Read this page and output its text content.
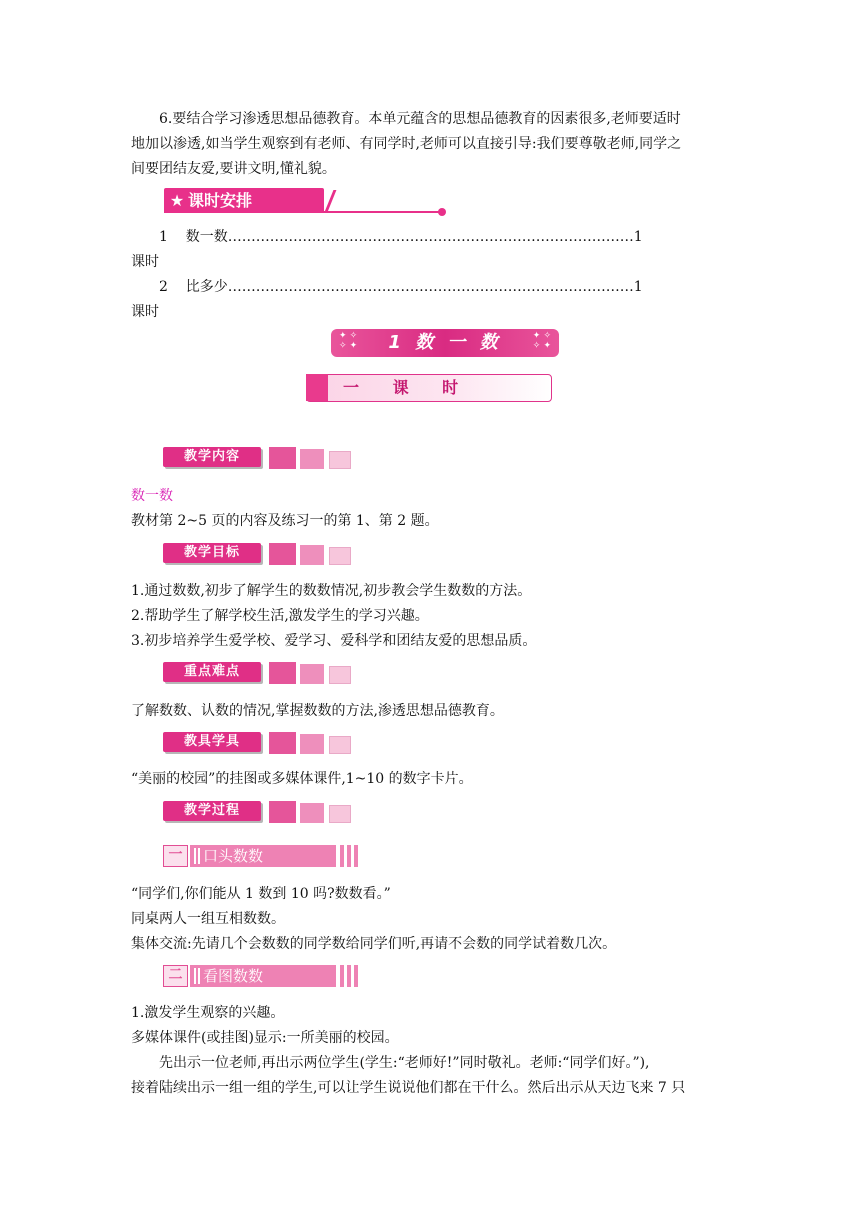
6.要结合学习渗透思想品德教育。本单元蕴含的思想品德教育的因素很多,老师要适时
地加以渗透,如当学生观察到有老师、有同学时,老师可以直接引导:我们要尊敬老师,同学之
间要团结友爱,要讲文明,懂礼貌。
★ 课时安排
1 数一数……………………………………………………………………………1
课时
2 比多少……………………………………………………………………………1
课时
✦ ✧
✧ ✦ 1 数 一 数	✦ ✧
✧ ✦
一 课 时
教学内容
数一数
教材第 2~5 页的内容及练习一的第 1、第 2 题。
教学目标
1.通过数数,初步了解学生的数数情况,初步教会学生数数的方法。
2.帮助学生了解学校生活,激发学生的学习兴趣。
3.初步培养学生爱学校、爱学习、爱科学和团结友爱的思想品质。
重点难点
了解数数、认数的情况,掌握数数的方法,渗透思想品德教育。
教具学具
“美丽的校园”的挂图或多媒体课件,1~10 的数字卡片。
教学过程
一	口头数数
“同学们,你们能从 1 数到 10 吗?数数看。”
同桌两人一组互相数数。
集体交流:先请几个会数数的同学数给同学们听,再请不会数的同学试着数几次。
二	看图数数
1.激发学生观察的兴趣。
多媒体课件(或挂图)显示:一所美丽的校园。
先出示一位老师,再出示两位学生(学生:“老师好!”同时敬礼。老师:“同学们好。”),
接着陆续出示一组一组的学生,可以让学生说说他们都在干什么。然后出示从天边飞来 7 只
